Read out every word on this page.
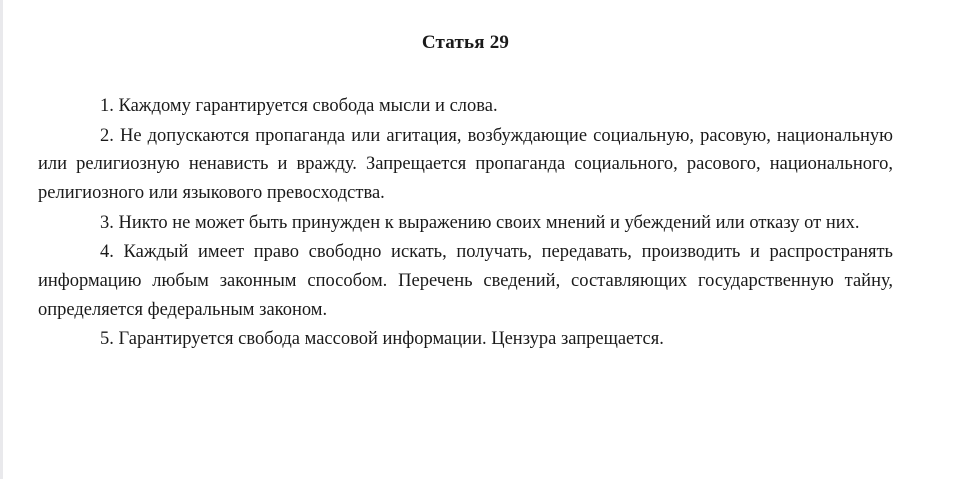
Статья 29

1. Каждому гарантируется свобода мысли и слова.

2. Не допускаются пропаганда или агитация, возбуждающие социальную, расовую, национальную или религиозную ненависть и вражду. Запрещается пропаганда социального, расового, национального, религиозного или языкового превосходства.

3. Никто не может быть принужден к выражению своих мнений и убеждений или отказу от них.

4. Каждый имеет право свободно искать, получать, передавать, производить и распространять информацию любым законным способом. Перечень сведений, составляющих государственную тайну, определяется федеральным законом.

5. Гарантируется свобода массовой информации. Цензура запрещается.
